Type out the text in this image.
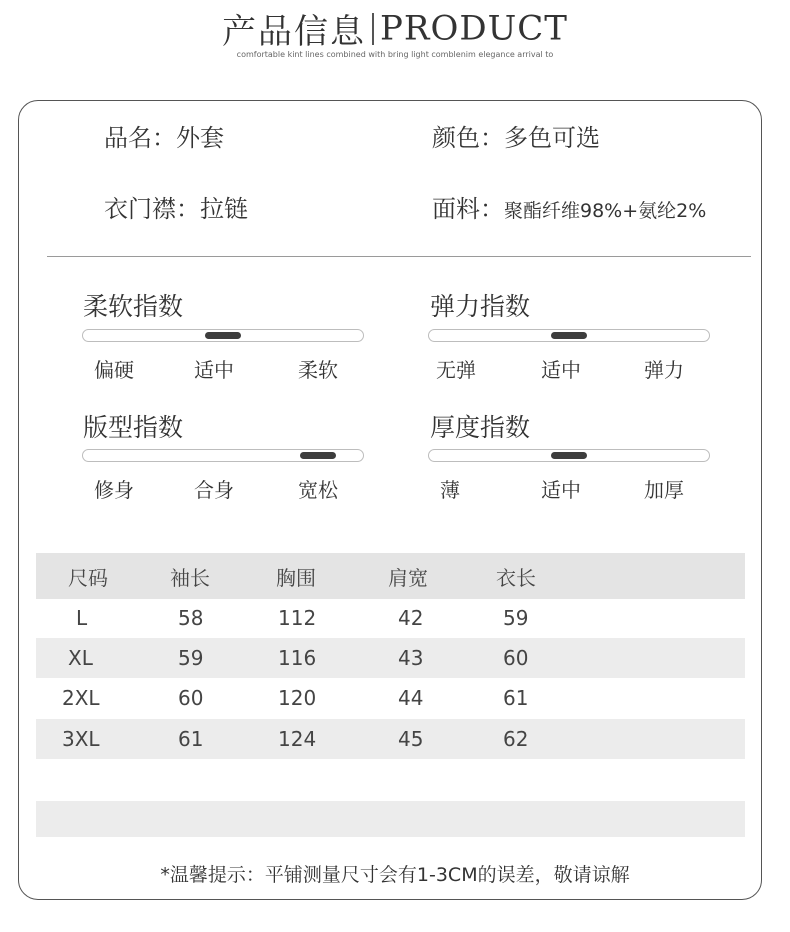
产品信息 PRODUCT
comfortable kint lines combined with bring light comblenim elegance arrival to
品名：外套	颜色：多色可选
衣门襟：拉链	面料：聚酯纤维98%+氨纶2%
柔软指数
偏硬	适中	柔软
弹力指数
无弹	适中	弹力
版型指数
修身	合身	宽松
厚度指数
薄	适中	加厚
尺码	袖长	胸围	肩宽	衣长
L	58	112	42	59
XL	59	116	43	60
2XL	60	120	44	61
3XL	61	124	45	62
*温馨提示：平铺测量尺寸会有1-3CM的误差，敬请谅解
